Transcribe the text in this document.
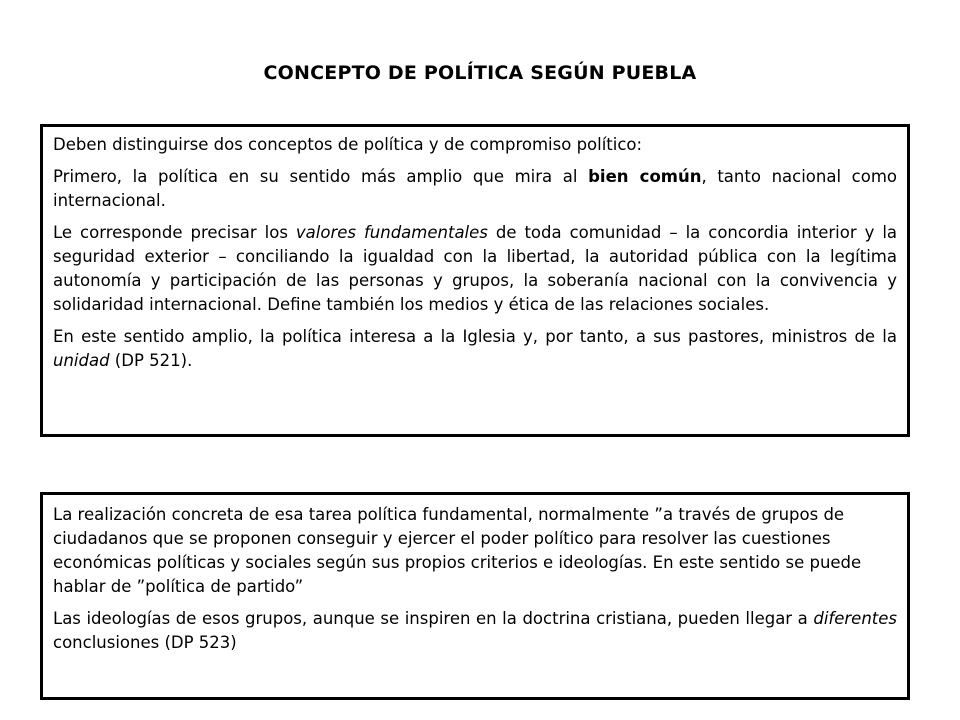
CONCEPTO DE POLÍTICA SEGÚN PUEBLA

Deben distinguirse dos conceptos de política y de compromiso político:

Primero, la política en su sentido más amplio que mira al bien común, tanto nacional como internacional.

Le corresponde precisar los valores fundamentales de toda comunidad – la concordia interior y la seguridad exterior – conciliando la igualdad con la libertad, la autoridad pública con la legítima autonomía y participación de las personas y grupos, la soberanía nacional con la convivencia y solidaridad internacional. Define también los medios y ética de las relaciones sociales.

En este sentido amplio, la política interesa a la Iglesia y, por tanto, a sus pastores, ministros de la unidad (DP 521).

La realización concreta de esa tarea política fundamental, normalmente ”a través de grupos de ciudadanos que se proponen conseguir y ejercer el poder político para resolver las cuestiones económicas políticas y sociales según sus propios criterios e ideologías. En este sentido se puede hablar de ”política de partido”

Las ideologías de esos grupos, aunque se inspiren en la doctrina cristiana, pueden llegar a diferentes conclusiones (DP 523)
